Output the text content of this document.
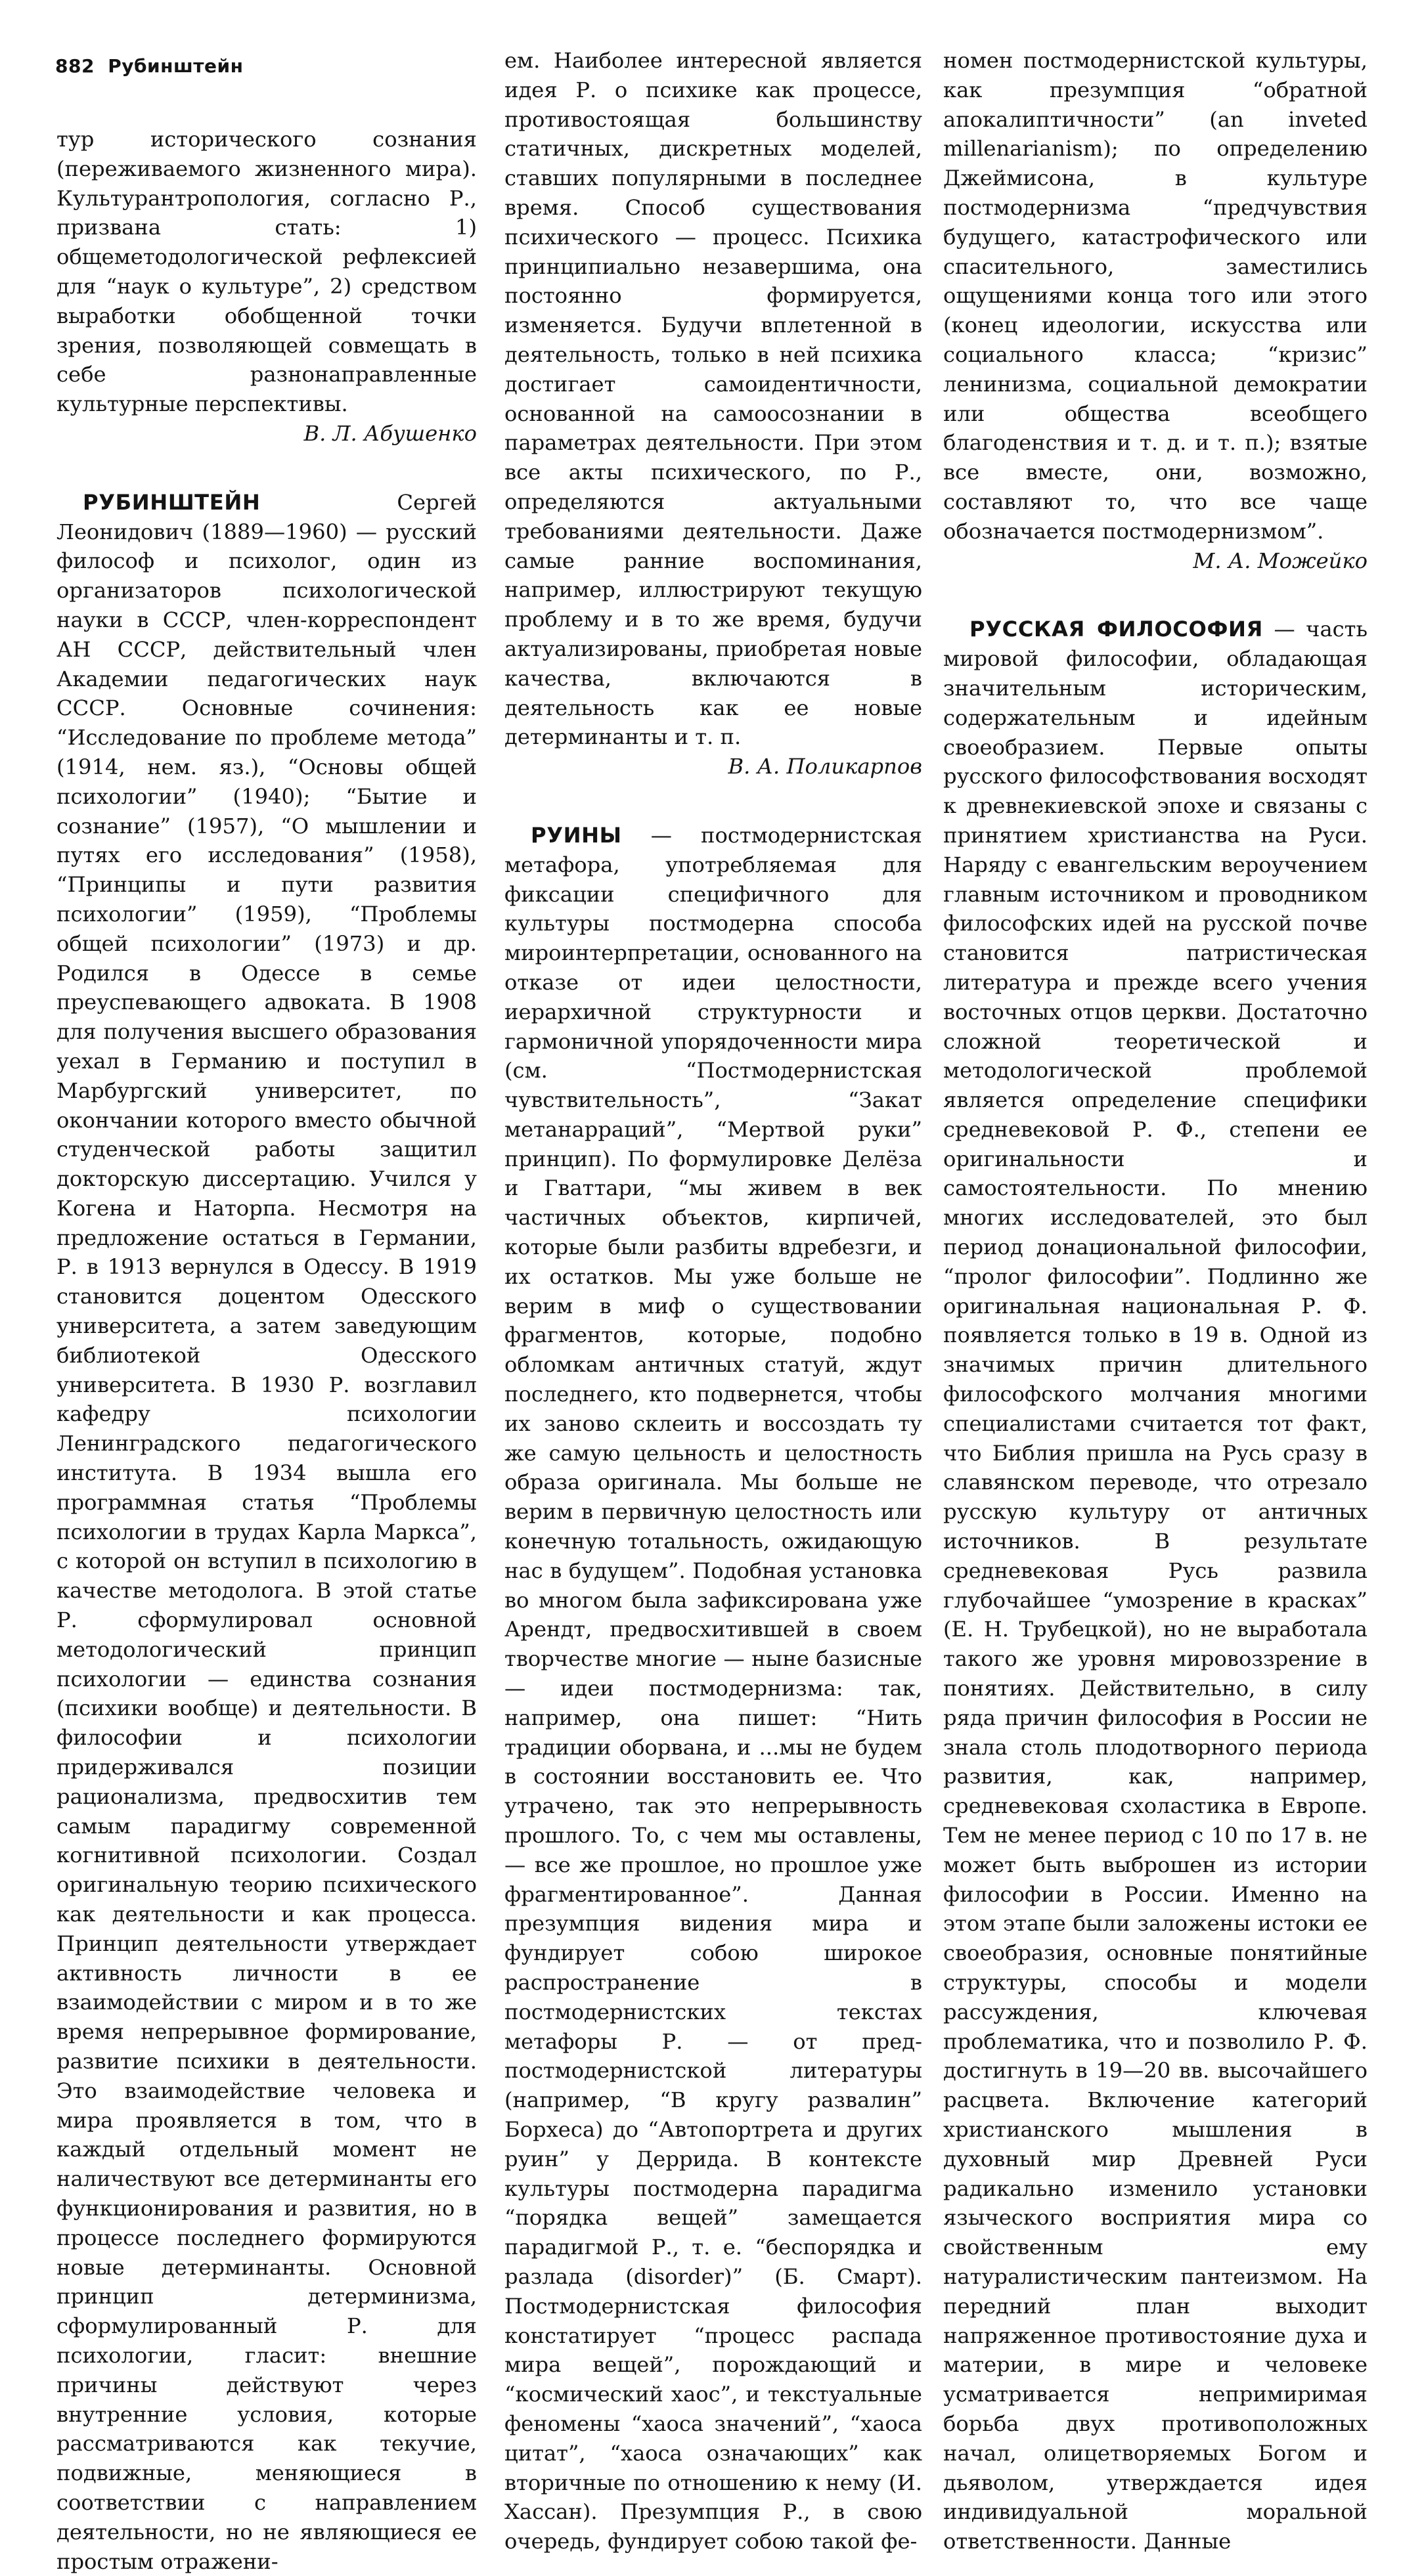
882 Рубинштейн

тур исторического сознания (переживаемого жизненного мира). Культурантропология, согласно Р., призвана стать: 1) общеметодологической рефлексией для “наук о культуре”, 2) средством выработки обобщенной точки зрения, позволяющей совмещать в себе разнонаправленные культурные перспективы.

В. Л. Абушенко

РУБИНШТЕЙН Сергей Леонидович (1889—1960) — русский философ и психолог, один из организаторов психологической науки в СССР, член-корреспондент АН СССР, действительный член Академии педагогических наук СССР. Основные сочинения: “Исследование по проблеме метода” (1914, нем. яз.), “Основы общей психологии” (1940); “Бытие и сознание” (1957), “О мышлении и путях его исследования” (1958), “Принципы и пути развития психологии” (1959), “Проблемы общей психологии” (1973) и др. Родился в Одессе в семье преуспевающего адвоката. В 1908 для получения высшего образования уехал в Германию и поступил в Марбургский университет, по окончании которого вместо обычной студенческой работы защитил докторскую диссертацию. Учился у Когена и Наторпа. Несмотря на предложение остаться в Германии, Р. в 1913 вернулся в Одессу. В 1919 становится доцентом Одесского университета, а затем заведующим библиотекой Одесского университета. В 1930 Р. возглавил кафедру психологии Ленинградского педагогического института. В 1934 вышла его программная статья “Проблемы психологии в трудах Карла Маркса”, с которой он вступил в психологию в качестве методолога. В этой статье Р. сформулировал основной методологический принцип психологии — единства сознания (психики вообще) и деятельности. В философии и психологии придерживался позиции рационализма, предвосхитив тем самым парадигму современной когнитивной психологии. Создал оригинальную теорию психического как деятельности и как процесса. Принцип деятельности утверждает активность личности в ее взаимодействии с миром и в то же время непрерывное формирование, развитие психики в деятельности. Это взаимодействие человека и мира проявляется в том, что в каждый отдельный момент не наличествуют все детерминанты его функционирования и развития, но в процессе последнего формируются новые детерминанты. Основной принцип детерминизма, сформулированный Р. для психологии, гласит: внешние причины действуют через внутренние условия, которые рассматриваются как текучие, подвижные, меняющиеся в соответствии с направлением деятельности, но не являющиеся ее простым отражени-

ем. Наиболее интересной является идея Р. о психике как процессе, противостоящая большинству статичных, дискретных моделей, ставших популярными в последнее время. Способ существования психического — процесс. Психика принципиально незавершима, она постоянно формируется, изменяется. Будучи вплетенной в деятельность, только в ней психика достигает самоидентичности, основанной на самоосознании в параметрах деятельности. При этом все акты психического, по Р., определяются актуальными требованиями деятельности. Даже самые ранние воспоминания, например, иллюстрируют текущую проблему и в то же время, будучи актуализированы, приобретая новые качества, включаются в деятельность как ее новые детерминанты и т. п.

В. А. Поликарпов

РУИНЫ — постмодернистская метафора, употребляемая для фиксации специфичного для культуры постмодерна способа мироинтерпретации, основанного на отказе от идеи целостности, иерархичной структурности и гармоничной упорядоченности мира (см. “Постмодернистская чувствительность”, “Закат метанарраций”, “Мертвой руки” принцип). По формулировке Делёза и Гваттари, “мы живем в век частичных объектов, кирпичей, которые были разбиты вдребезги, и их остатков. Мы уже больше не верим в миф о существовании фрагментов, которые, подобно обломкам античных статуй, ждут последнего, кто подвернется, чтобы их заново склеить и воссоздать ту же самую цельность и целостность образа оригинала. Мы больше не верим в первичную целостность или конечную тотальность, ожидающую нас в будущем”. Подобная установка во многом была зафиксирована уже Арендт, предвосхитившей в своем творчестве многие — ныне базисные — идеи постмодернизма: так, например, она пишет: “Нить традиции оборвана, и ...мы не будем в состоянии восстановить ее. Что утрачено, так это непрерывность прошлого. То, с чем мы оставлены, — все же прошлое, но прошлое уже фрагментированное”. Данная презумпция видения мира и фундирует собою широкое распространение в постмодернистских текстах метафоры Р. — от пред-постмодернистской литературы (например, “В кругу развалин” Борхеса) до “Автопортрета и других руин” у Деррида. В контексте культуры постмодерна парадигма “порядка вещей” замещается парадигмой Р., т. е. “беспорядка и разлада (disorder)” (Б. Смарт). Постмодернистская философия констатирует “процесс распада мира вещей”, порождающий и “космический хаос”, и текстуальные феномены “хаоса значений”, “хаоса цитат”, “хаоса означающих” как вторичные по отношению к нему (И. Хассан). Презумпция Р., в свою очередь, фундирует собою такой фе-

номен постмодернистской культуры, как презумпция “обратной апокалиптичности” (an inveted millenarianism); по определению Джеймисона, в культуре постмодернизма “предчувствия будущего, катастрофического или спасительного, заместились ощущениями конца того или этого (конец идеологии, искусства или социального класса; “кризис” ленинизма, социальной демократии или общества всеобщего благоденствия и т. д. и т. п.); взятые все вместе, они, возможно, составляют то, что все чаще обозначается постмодернизмом”.

М. А. Можейко

РУССКАЯ ФИЛОСОФИЯ — часть мировой философии, обладающая значительным историческим, содержательным и идейным своеобразием. Первые опыты русского философствования восходят к древнекиевской эпохе и связаны с принятием христианства на Руси. Наряду с евангельским вероучением главным источником и проводником философских идей на русской почве становится патристическая литература и прежде всего учения восточных отцов церкви. Достаточно сложной теоретической и методологической проблемой является определение специфики средневековой Р. Ф., степени ее оригинальности и самостоятельности. По мнению многих исследователей, это был период донациональной философии, “пролог философии”. Подлинно же оригинальная национальная Р. Ф. появляется только в 19 в. Одной из значимых причин длительного философского молчания многими специалистами считается тот факт, что Библия пришла на Русь сразу в славянском переводе, что отрезало русскую культуру от античных источников. В результате средневековая Русь развила глубочайшее “умозрение в красках” (Е. Н. Трубецкой), но не выработала такого же уровня мировоззрение в понятиях. Действительно, в силу ряда причин философия в России не знала столь плодотворного периода развития, как, например, средневековая схоластика в Европе. Тем не менее период с 10 по 17 в. не может быть выброшен из истории философии в России. Именно на этом этапе были заложены истоки ее своеобразия, основные понятийные структуры, способы и модели рассуждения, ключевая проблематика, что и позволило Р. Ф. достигнуть в 19—20 вв. высочайшего расцвета. Включение категорий христианского мышления в духовный мир Древней Руси радикально изменило установки языческого восприятия мира со свойственным ему натуралистическим пантеизмом. На передний план выходит напряженное противостояние духа и материи, в мире и человеке усматривается непримиримая борьба двух противоположных начал, олицетворяемых Богом и дьяволом, утверждается идея индивидуальной моральной ответственности. Данные
